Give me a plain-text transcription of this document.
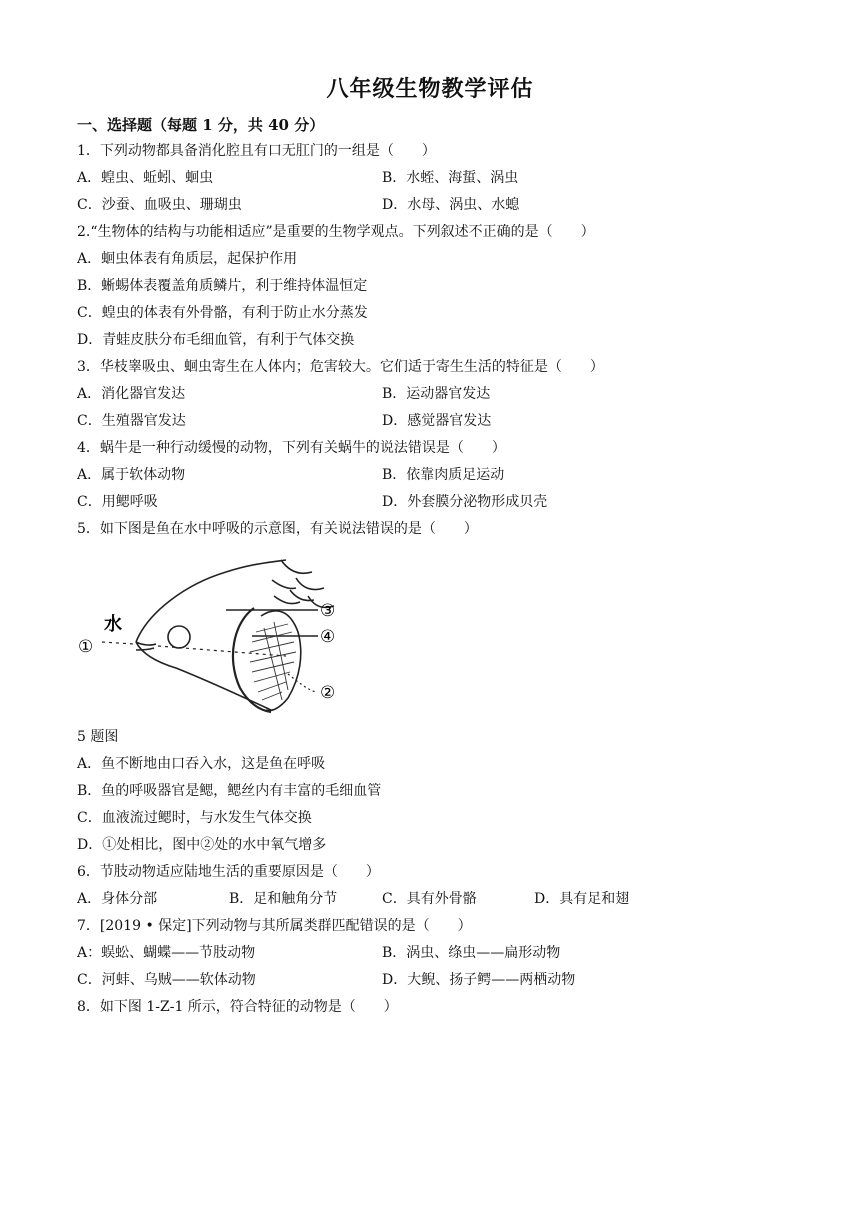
八年级生物教学评估
一、选择题（每题 1 分，共 40 分）
1．下列动物都具备消化腔且有口无肛门的一组是（　　）
A．蝗虫、蚯蚓、蛔虫	B．水蛭、海蜇、涡虫
C．沙蚕、血吸虫、珊瑚虫	D．水母、涡虫、水螅
2.“生物体的结构与功能相适应”是重要的生物学观点。下列叙述不正确的是（　　）
A．蛔虫体表有角质层，起保护作用
B．蜥蜴体表覆盖角质鳞片，利于维持体温恒定
C．蝗虫的体表有外骨骼，有利于防止水分蒸发
D．青蛙皮肤分布毛细血管，有利于气体交换
3．华枝睾吸虫、蛔虫寄生在人体内；危害较大。它们适于寄生生活的特征是（　　）
A．消化器官发达	B．运动器官发达
C．生殖器官发达	D．感觉器官发达
4．蜗牛是一种行动缓慢的动物，下列有关蜗牛的说法错误是（　　）
A．属于软体动物	B．依靠肉质足运动
C．用鳃呼吸	D．外套膜分泌物形成贝壳
5．如下图是鱼在水中呼吸的示意图，有关说法错误的是（　　）
水
①
③
④
②
5 题图
A．鱼不断地由口吞入水，这是鱼在呼吸
B．鱼的呼吸器官是鳃，鳃丝内有丰富的毛细血管
C．血液流过鳃时，与水发生气体交换
D．①处相比，图中②处的水中氧气增多
6．节肢动物适应陆地生活的重要原因是（　　）
A．身体分部	B．足和触角分节	C．具有外骨骼	D．具有足和翅
7．[2019 • 保定]下列动物与其所属类群匹配错误的是（　　）
A：蜈蚣、蝴蝶——节肢动物	B．涡虫、绦虫——扁形动物
C．河蚌、乌贼——软体动物	D．大鲵、扬子鳄——两栖动物
8．如下图 1-Z-1 所示，符合特征的动物是（　　）
